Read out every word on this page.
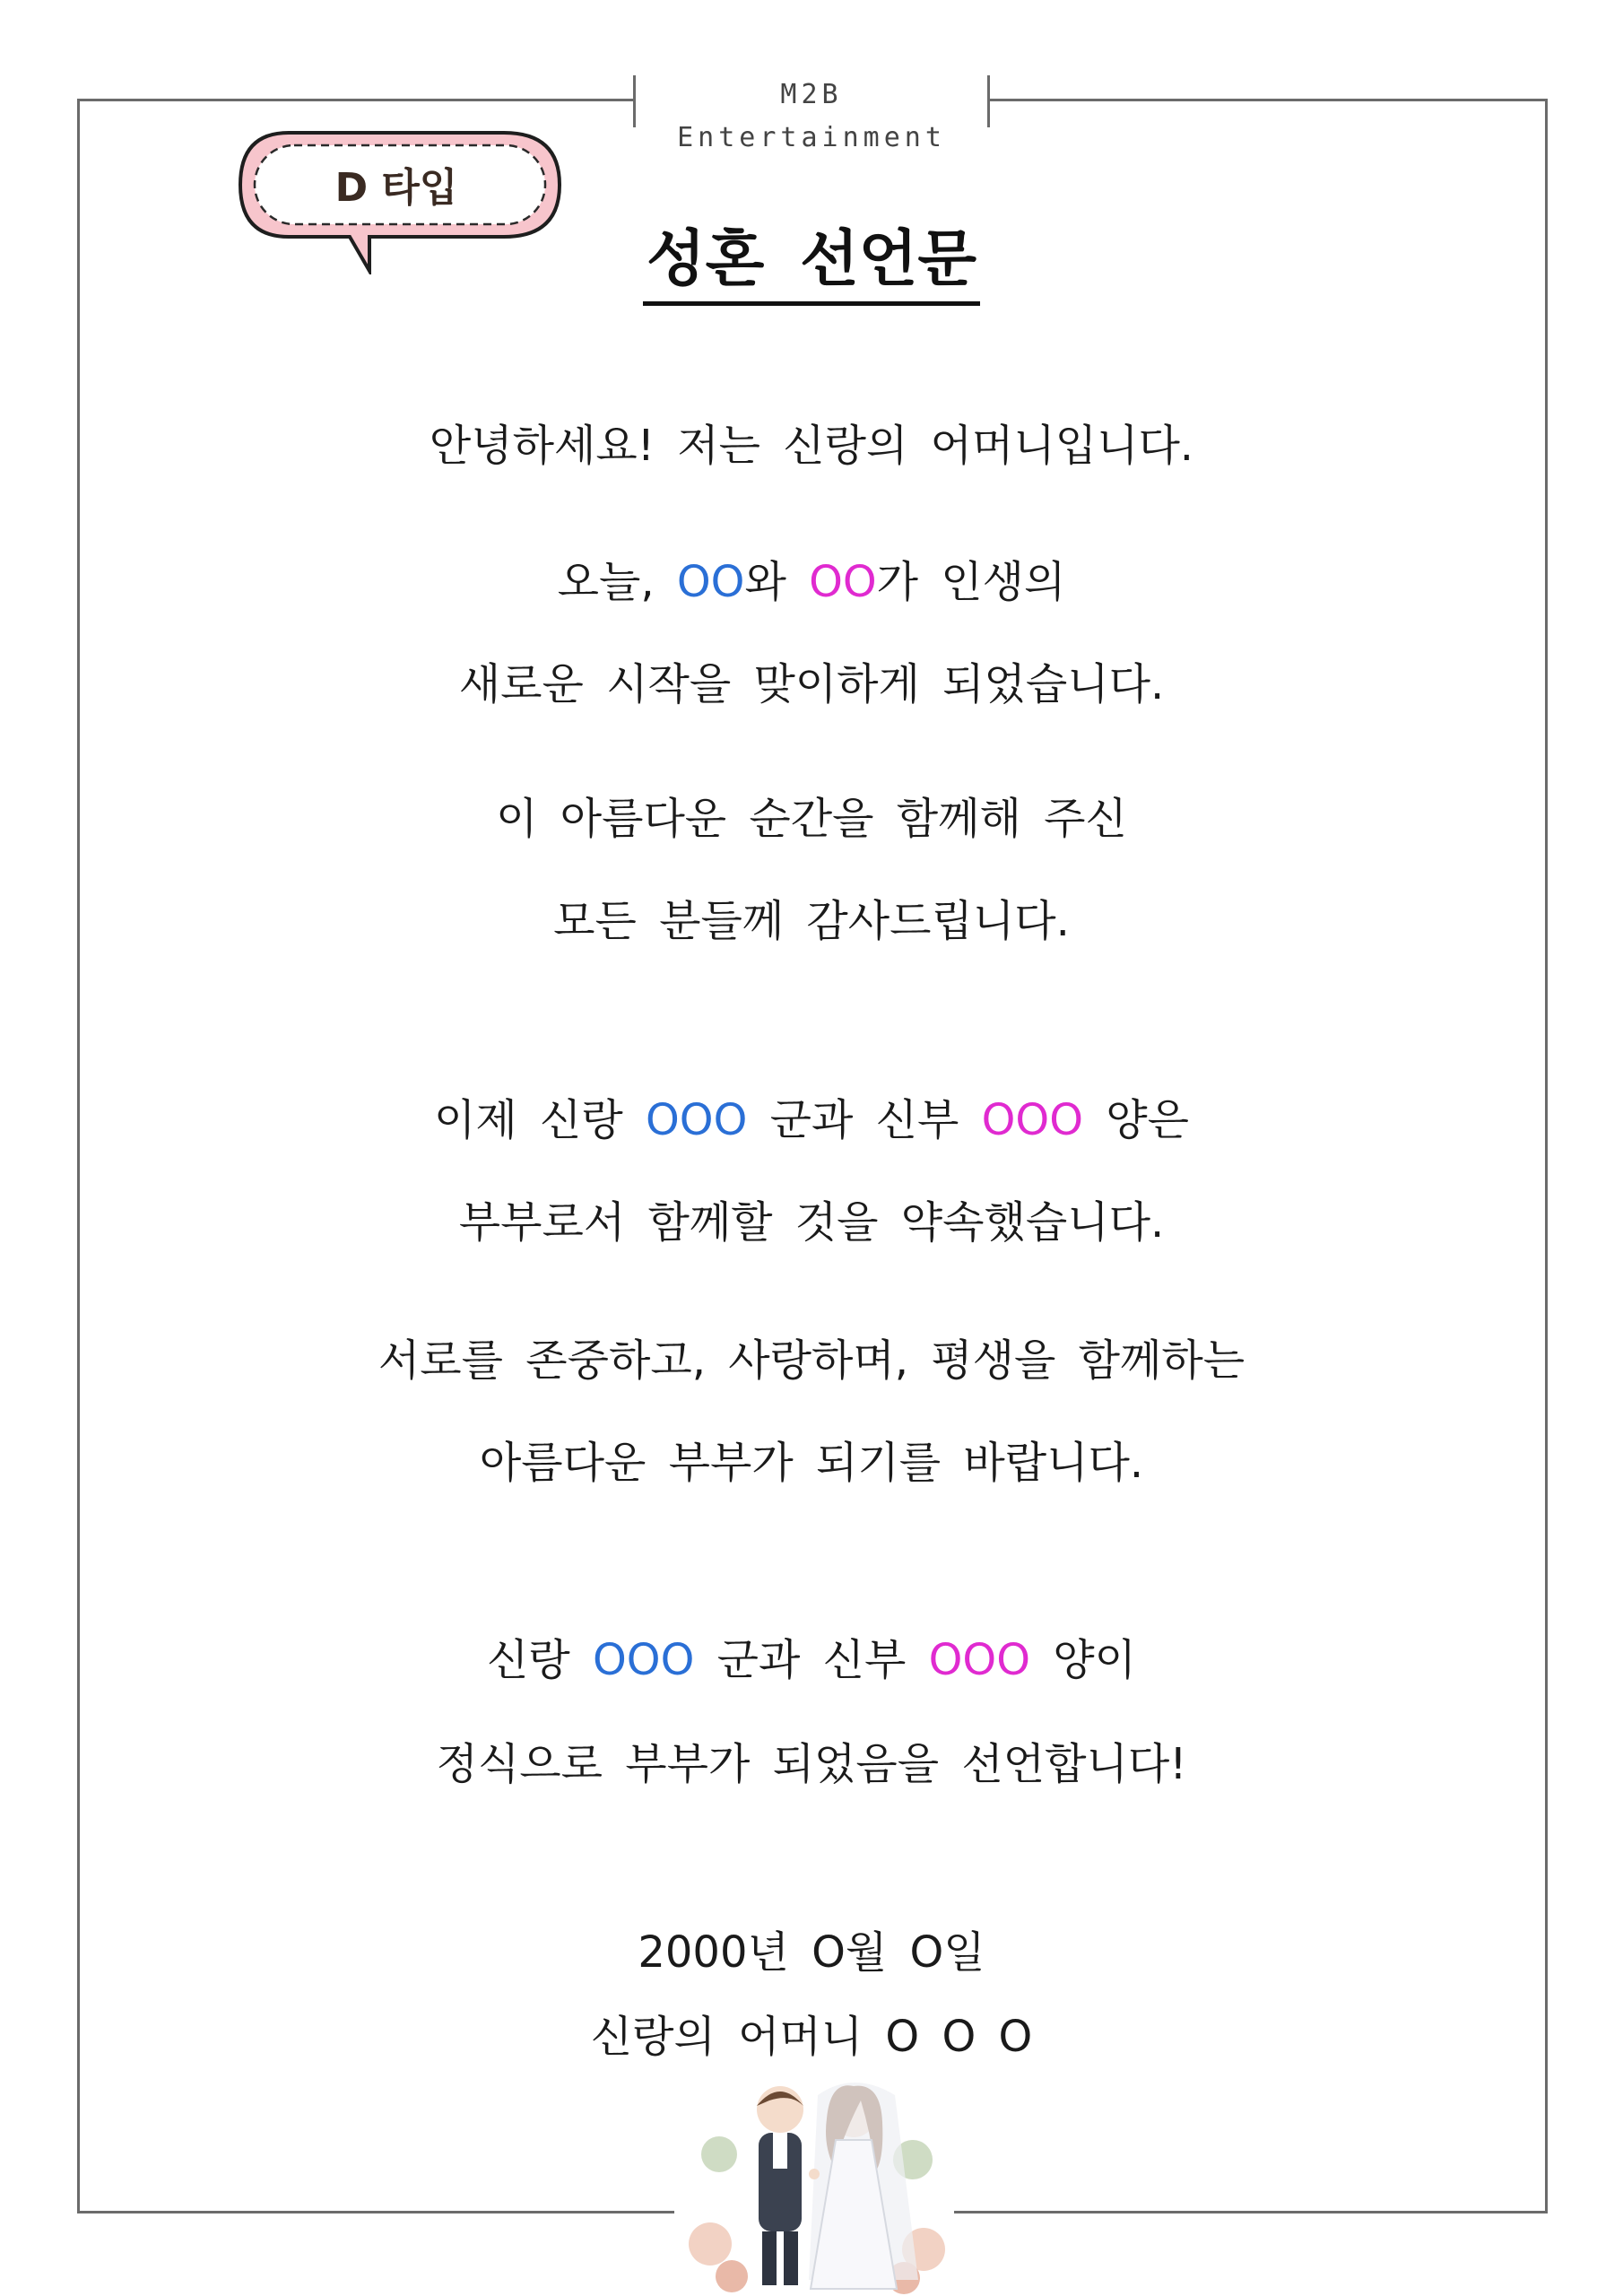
M2B Entertainment
D 타입
성혼 선언문
안녕하세요! 저는 신랑의 어머니입니다.
오늘, OO와 OO가 인생의
새로운 시작을 맞이하게 되었습니다.
이 아름다운 순간을 함께해 주신
모든 분들께 감사드립니다.
이제 신랑 OOO 군과 신부 OOO 양은
부부로서 함께할 것을 약속했습니다.
서로를 존중하고, 사랑하며, 평생을 함께하는
아름다운 부부가 되기를 바랍니다.
신랑 OOO 군과 신부 OOO 양이
정식으로 부부가 되었음을 선언합니다!
2000년 O월 O일
신랑의 어머니 O O O
